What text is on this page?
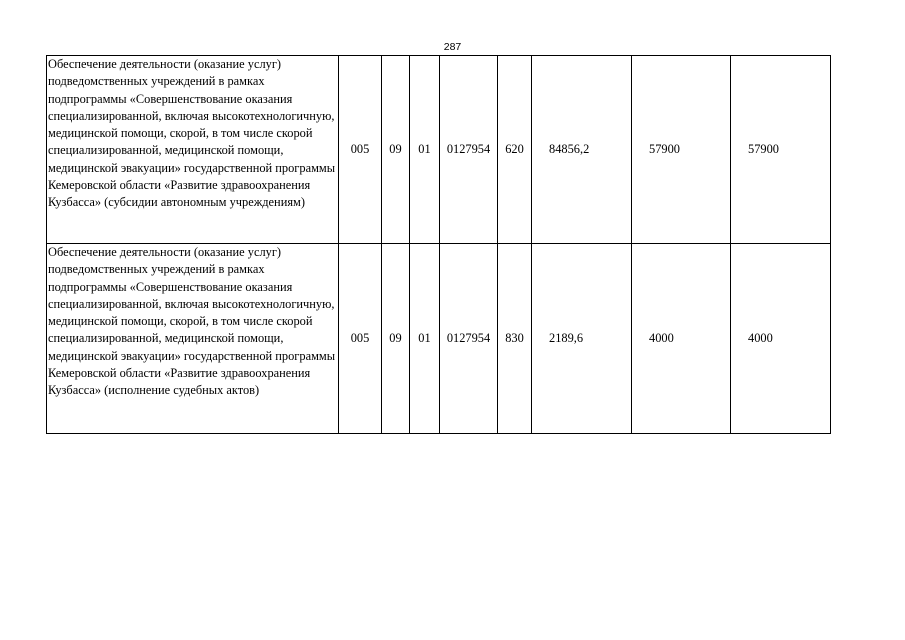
287
Обеспечение деятельности (оказание услуг) подведомственных учреждений в рамках подпрограммы «Совершенствование оказания специализированной, включая высокотехнологичную, медицинской помощи, скорой, в том числе скорой специализированной, медицинской помощи, медицинской эвакуации» государственной программы Кемеровской области «Развитие здравоохранения Кузбасса» (субсидии автономным учреждениям)	005	09	01	0127954	620	84856,2	57900	57900
Обеспечение деятельности (оказание услуг) подведомственных учреждений в рамках подпрограммы «Совершенствование оказания специализированной, включая высокотехнологичную, медицинской помощи, скорой, в том числе скорой специализированной, медицинской помощи, медицинской эвакуации» государственной программы Кемеровской области «Развитие здравоохранения Кузбасса» (исполнение судебных актов)	005	09	01	0127954	830	2189,6	4000	4000
